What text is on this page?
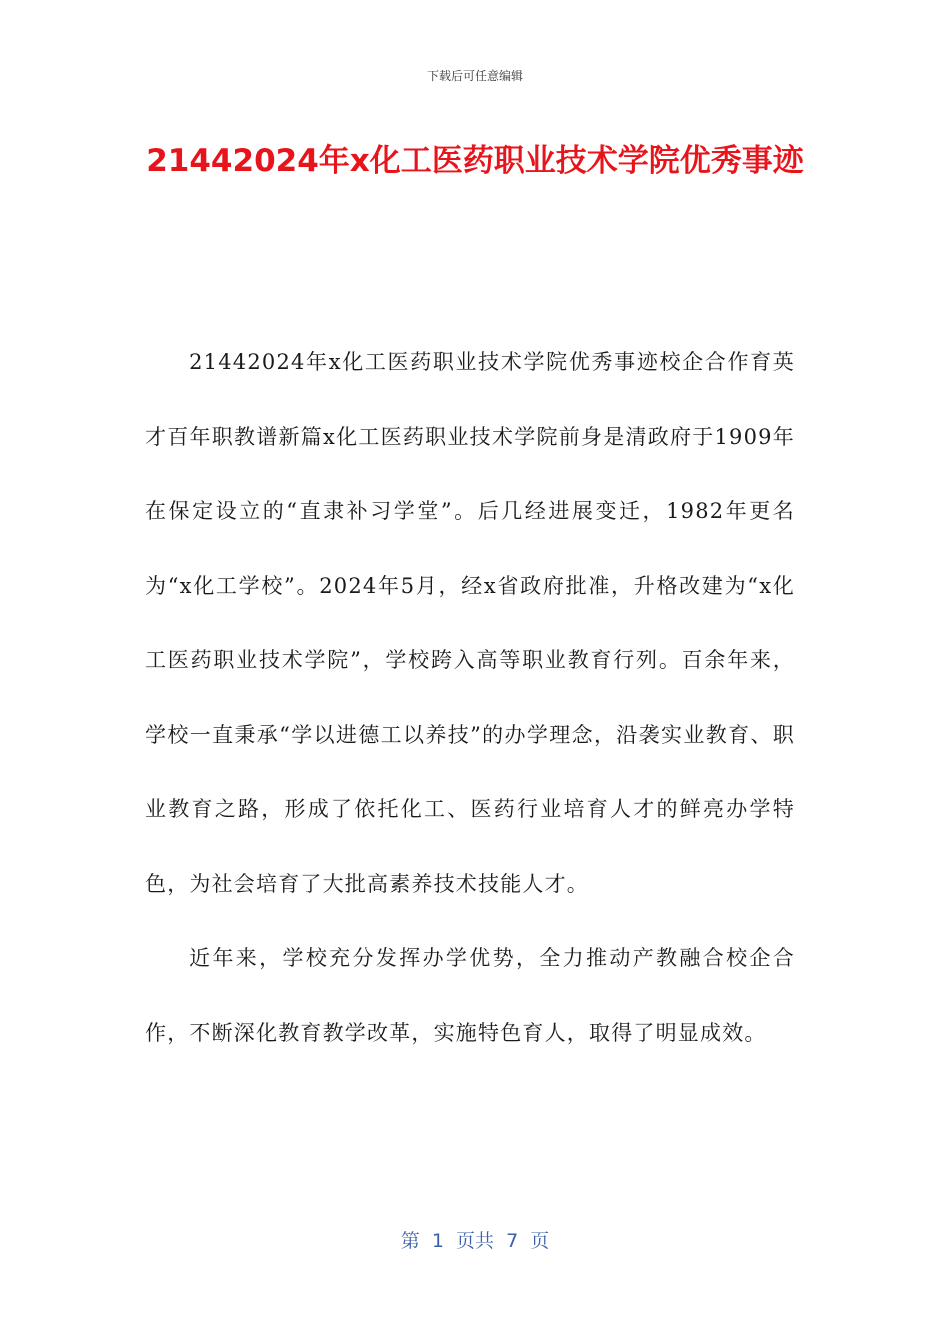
下载后可任意编辑
21442024年x化工医药职业技术学院优秀事迹

21442024年x化工医药职业技术学院优秀事迹校企合作育英才百年职教谱新篇x化工医药职业技术学院前身是清政府于1909年在保定设立的“直隶补习学堂”。后几经进展变迁，1982年更名为“x化工学校”。2024年5月，经x省政府批准，升格改建为“x化工医药职业技术学院”，学校跨入高等职业教育行列。百余年来，学校一直秉承“学以进德工以养技”的办学理念，沿袭实业教育、职业教育之路，形成了依托化工、医药行业培育人才的鲜亮办学特色，为社会培育了大批高素养技术技能人才。

近年来，学校充分发挥办学优势，全力推动产教融合校企合作，不断深化教育教学改革，实施特色育人，取得了明显成效。

第  1  页共  7  页
